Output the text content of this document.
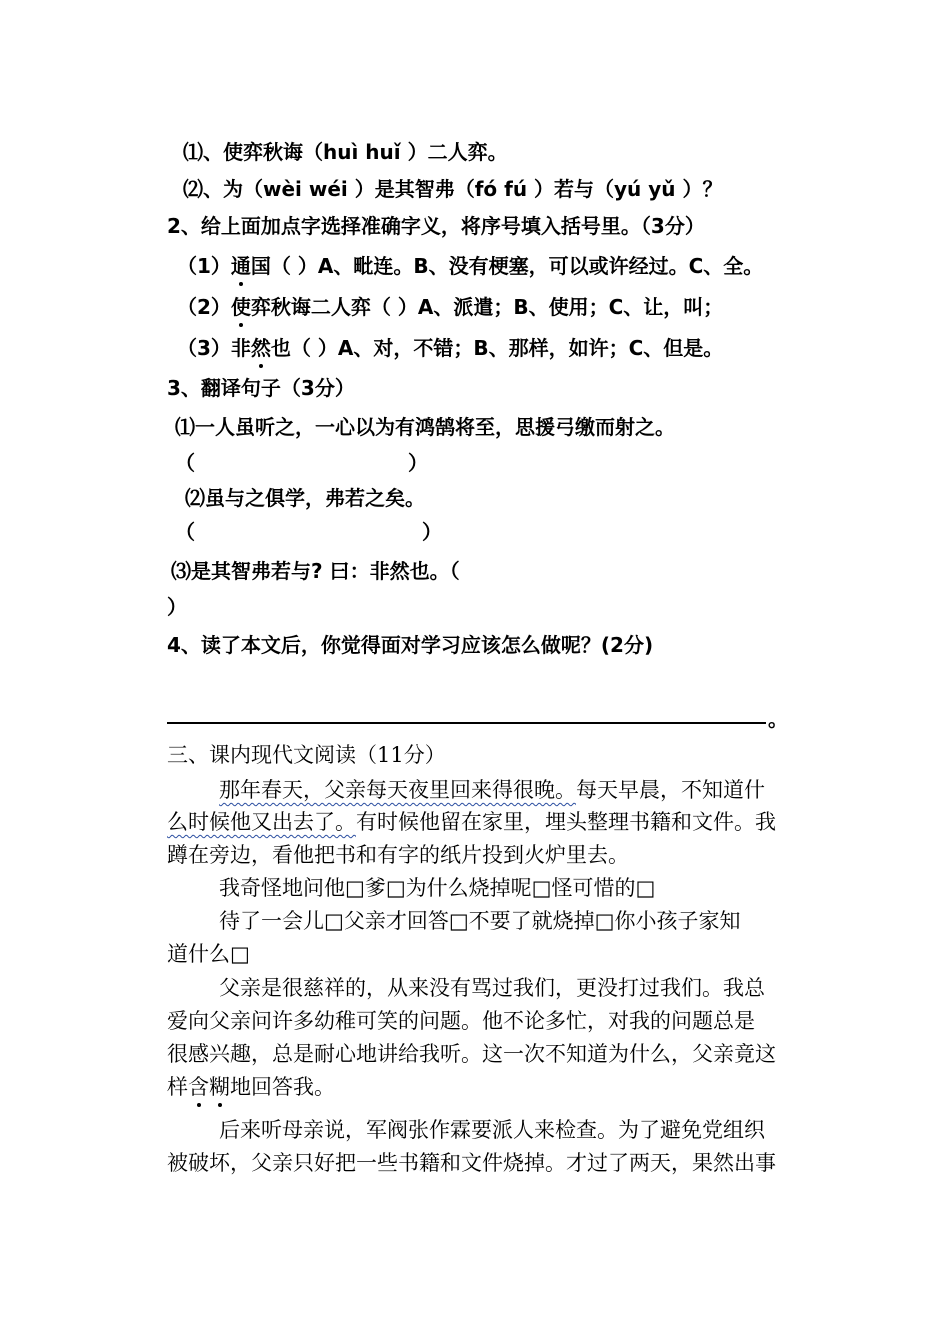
⑴、使弈秋诲（huì huǐ ）二人弈。
⑵、为（wèi wéi ）是其智弗（fó fú ）若与（yú yǔ ）？
2、给上面加点字选择准确字义，将序号填入括号里。（3分）
（1）通国（ ）A、毗连。B、没有梗塞，可以或许经过。C、全。
（2）使弈秋诲二人弈（ ）A、派遣；B、使用；C、让，叫；
（3）非然也（ ）A、对，不错；B、那样，如许；C、但是。
3、翻译句子（3分）
⑴一人虽听之，一心以为有鸿鹄将至，思援弓缴而射之。
（	）
⑵虽与之俱学，弗若之矣。
（	）
⑶是其智弗若与? 曰：非然也。（
）
4、读了本文后，你觉得面对学习应该怎么做呢？(2分)
。
三、课内现代文阅读（11分）
那年春天，父亲每天夜里回来得很晚。每天早晨，不知道什
么时候他又出去了。有时候他留在家里，埋头整理书籍和文件。我
蹲在旁边，看他把书和有字的纸片投到火炉里去。
我奇怪地问他□爹□为什么烧掉呢□怪可惜的□
待了一会儿□父亲才回答□不要了就烧掉□你小孩子家知
道什么□
父亲是很慈祥的，从来没有骂过我们，更没打过我们。我总
爱向父亲问许多幼稚可笑的问题。他不论多忙，对我的问题总是
很感兴趣，总是耐心地讲给我听。这一次不知道为什么，父亲竟这
样含糊地回答我。
后来听母亲说，军阀张作霖要派人来检查。为了避免党组织
被破坏，父亲只好把一些书籍和文件烧掉。才过了两天，果然出事
